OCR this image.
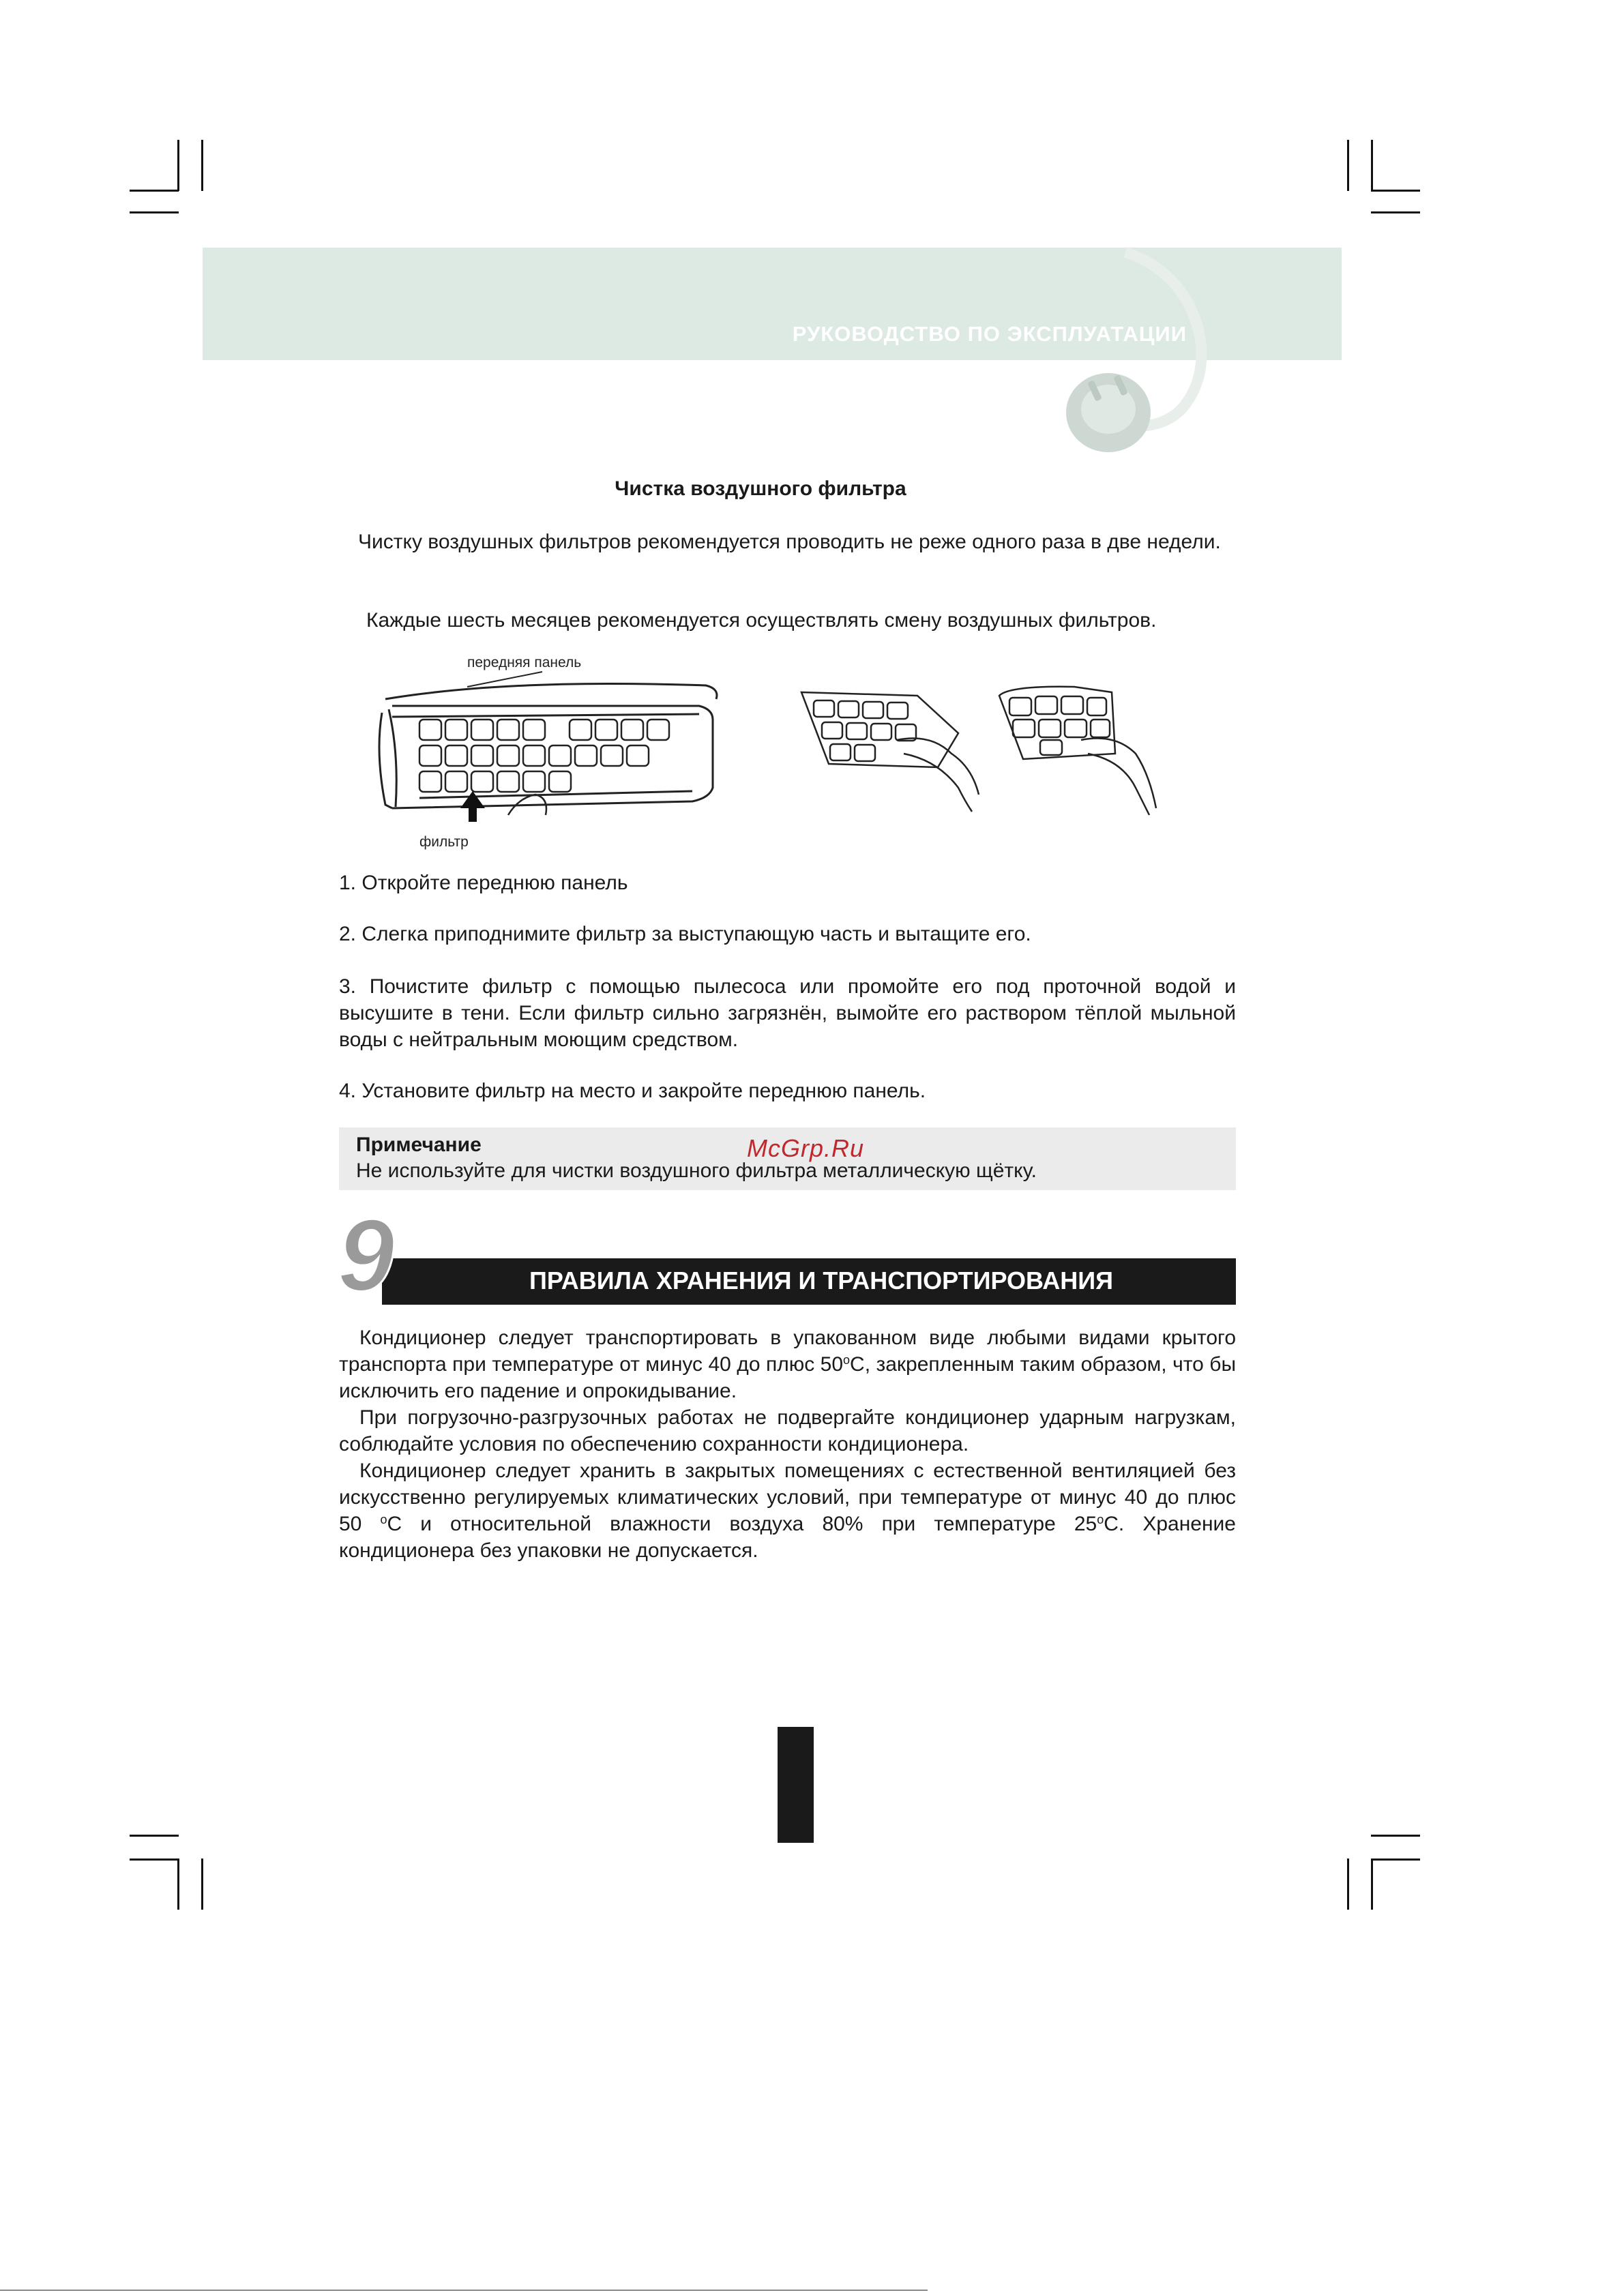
РУКОВОДСТВО ПО ЭКСПЛУАТАЦИИ
Чистка воздушного фильтра
Чистку воздушных фильтров рекомендуется проводить не реже одного раза в две недели.
Каждые шесть месяцев рекомендуется осуществлять смену воздушных фильтров.
передняя панель
фильтр
1. Откройте переднюю панель
2. Слегка приподнимите фильтр за выступающую часть и вытащите его.
3. Почистите фильтр с помощью пылесоса или промойте его под проточной водой и высушите в тени. Если фильтр сильно загрязнён, вымойте его раствором тёплой мыльной воды с нейтральным моющим средством.
4. Установите фильтр на место и закройте переднюю панель.
Примечание
Не используйте для чистки воздушного фильтра металлическую щётку.
McGrp.Ru
9	ПРАВИЛА ХРАНЕНИЯ И ТРАНСПОРТИРОВАНИЯ
Кондиционер следует транспортировать в упакованном виде любыми видами крытого транспорта при температуре от минус 40 до плюс 50$^o$C, закрепленным таким образом, что бы исключить его падение и опрокидывание.
При погрузочно-разгрузочных работах не подвергайте кондиционер ударным нагрузкам, соблюдайте условия по обеспечению сохранности кондиционера.
Кондиционер следует хранить в закрытых помещениях с естественной вентиляцией без искусственно регулируемых климатических условий, при температуре от минус 40 до плюс 50 $^o$С и относительной влажности воздуха 80% при температуре 25$^o$С. Хранение кондиционера без упаковки не допускается.
